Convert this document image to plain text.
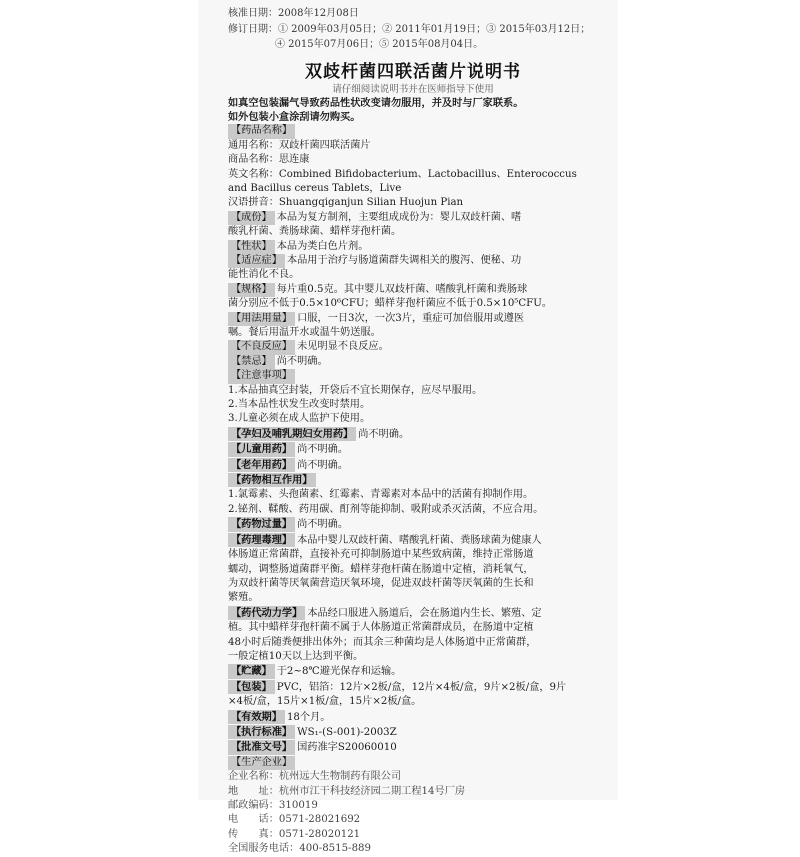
核准日期：2008年12月08日
修订日期：① 2009年03月05日；② 2011年01月19日；③ 2015年03月12日；
④ 2015年07月06日；⑤ 2015年08月04日。
双歧杆菌四联活菌片说明书
请仔细阅读说明书并在医师指导下使用
如真空包装漏气导致药品性状改变请勿服用，并及时与厂家联系。
如外包装小盒涂刮请勿购买。
【药品名称】
通用名称：双歧杆菌四联活菌片
商品名称：思连康
英文名称：Combined Bifidobacterium、Lactobacillus、Enterococcus
and Bacillus cereus Tablets，Live
汉语拼音：Shuangqiganjun Silian Huojun Pian
【成份】 本品为复方制剂，主要组成成份为：婴儿双歧杆菌、嗜
酸乳杆菌、粪肠球菌、蜡样芽孢杆菌。
【性状】 本品为类白色片剂。
【适应症】 本品用于治疗与肠道菌群失调相关的腹泻、便秘、功
能性消化不良。
【规格】 每片重0.5克。其中婴儿双歧杆菌、嗜酸乳杆菌和粪肠球
菌分别应不低于0.5×10⁶CFU；蜡样芽孢杆菌应不低于0.5×10⁵CFU。
【用法用量】 口服，一日3次，一次3片，重症可加倍服用或遵医
嘱。餐后用温开水或温牛奶送服。
【不良反应】 未见明显不良反应。
【禁忌】 尚不明确。
【注意事项】
1.本品抽真空封装，开袋后不宜长期保存，应尽早服用。
2.当本品性状发生改变时禁用。
3.儿童必须在成人监护下使用。
【孕妇及哺乳期妇女用药】 尚不明确。
【儿童用药】 尚不明确。
【老年用药】 尚不明确。
【药物相互作用】
1.氯霉素、头孢菌素、红霉素、青霉素对本品中的活菌有抑制作用。
2.铋剂、鞣酸、药用碳、酊剂等能抑制、吸附或杀灭活菌，不应合用。
【药物过量】 尚不明确。
【药理毒理】 本品中婴儿双歧杆菌、嗜酸乳杆菌、粪肠球菌为健康人
体肠道正常菌群，直接补充可抑制肠道中某些致病菌，维持正常肠道
蠕动，调整肠道菌群平衡。蜡样芽孢杆菌在肠道中定植，消耗氧气，
为双歧杆菌等厌氧菌营造厌氧环境，促进双歧杆菌等厌氧菌的生长和
繁殖。
【药代动力学】 本品经口服进入肠道后，会在肠道内生长、繁殖、定
植。其中蜡样芽孢杆菌不属于人体肠道正常菌群成员，在肠道中定植
48小时后随粪便排出体外；而其余三种菌均是人体肠道中正常菌群，
一般定植10天以上达到平衡。
【贮藏】 于2~8℃避光保存和运输。
【包装】 PVC，铝箔：12片×2板/盒，12片×4板/盒，9片×2板/盒，9片
×4板/盒，15片×1板/盒，15片×2板/盒。
【有效期】 18个月。
【执行标准】 WS₁-(S-001)-2003Z
【批准文号】 国药准字S20060010
【生产企业】
企业名称：杭州远大生物制药有限公司
地　　址：杭州市江干科技经济园二期工程14号厂房
邮政编码：310019
电　　话：0571-28021692
传　　真：0571-28020121
全国服务电话：400-8515-889
